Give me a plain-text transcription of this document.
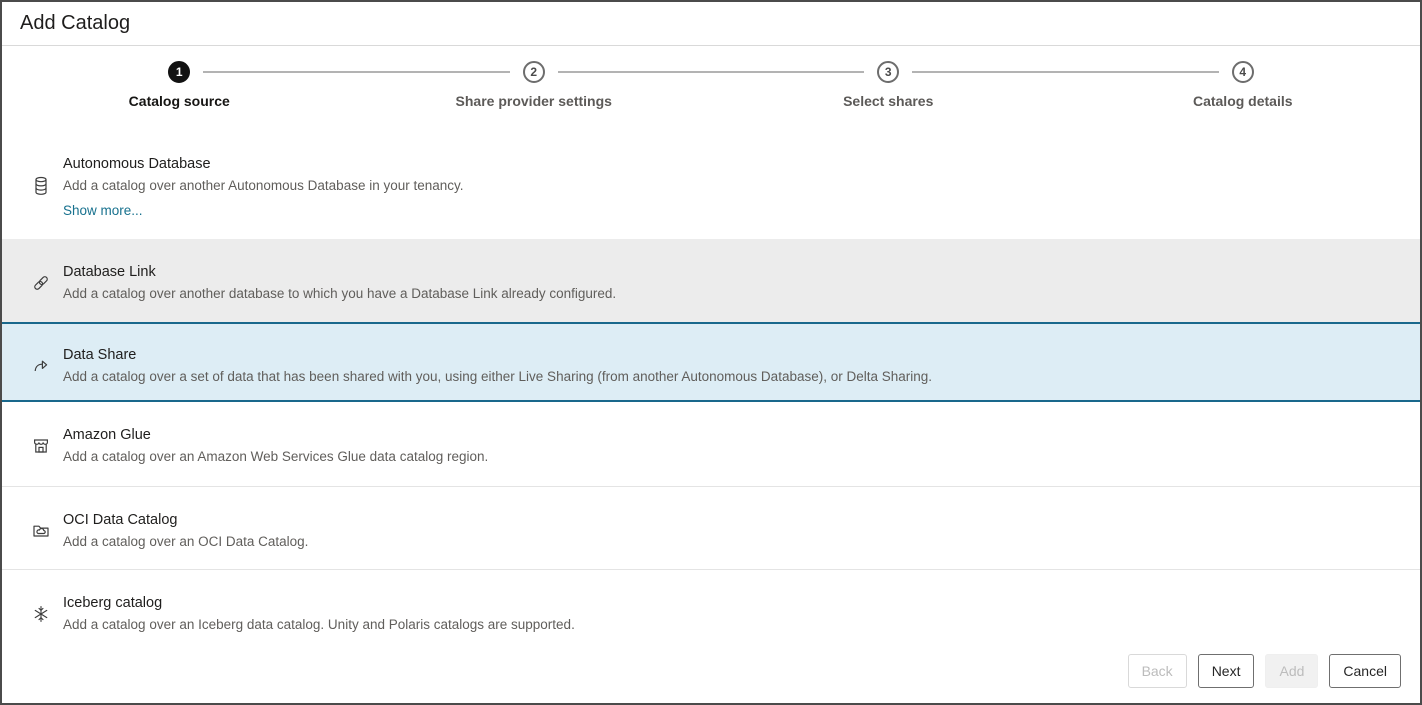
Add Catalog
1
Catalog source
2
Share provider settings
3
Select shares
4
Catalog details
Autonomous Database
Add a catalog over another Autonomous Database in your tenancy.
Show more...
Database Link
Add a catalog over another database to which you have a Database Link already configured.
Data Share
Add a catalog over a set of data that has been shared with you, using either Live Sharing (from another Autonomous Database), or Delta Sharing.
Amazon Glue
Add a catalog over an Amazon Web Services Glue data catalog region.
OCI Data Catalog
Add a catalog over an OCI Data Catalog.
Iceberg catalog
Add a catalog over an Iceberg data catalog. Unity and Polaris catalogs are supported.
Back	Next	Add	Cancel
